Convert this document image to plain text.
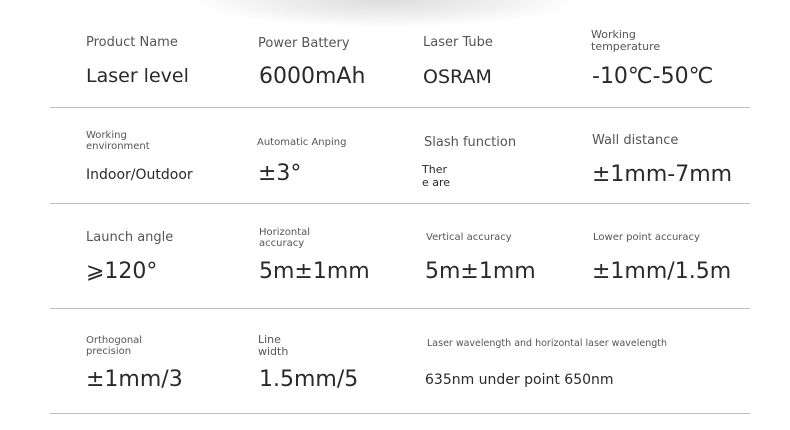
Product Name
Laser level
Power Battery
6000mAh
Laser Tube
OSRAM
Working
temperature
-10℃-50℃
Working
environment
Indoor/Outdoor
Automatic Anping
±3°
Slash function
Ther
e are
Wall distance
±1mm-7mm
Launch angle
⩾120°
Horizontal
accuracy
5m±1mm
Vertical accuracy
5m±1mm
Lower point accuracy
±1mm/1.5m
Orthogonal
precision
±1mm/3
Line
width
1.5mm/5
Laser wavelength and horizontal laser wavelength
635nm under point 650nm
